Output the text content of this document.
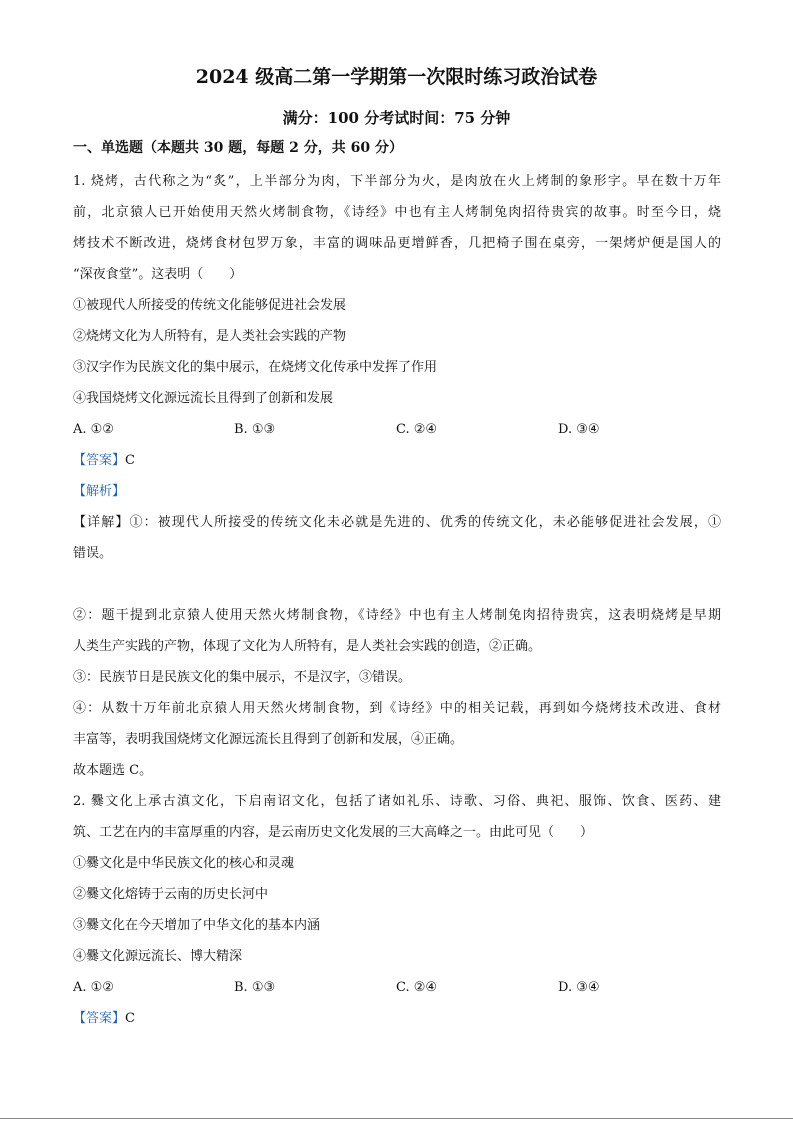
2024 级高二第一学期第一次限时练习政治试卷
满分：100 分考试时间：75 分钟
一、单选题（本题共 30 题，每题 2 分，共 60 分）
1. 烧烤，古代称之为“炙”，上半部分为肉，下半部分为火，是肉放在火上烤制的象形字。早在数十万年
前，北京猿人已开始使用天然火烤制食物，《诗经》中也有主人烤制兔肉招待贵宾的故事。时至今日，烧
烤技术不断改进，烧烤食材包罗万象，丰富的调味品更增鲜香，几把椅子围在桌旁，一架烤炉便是国人的
“深夜食堂”。这表明（　　）
①被现代人所接受的传统文化能够促进社会发展
②烧烤文化为人所特有，是人类社会实践的产物
③汉字作为民族文化的集中展示，在烧烤文化传承中发挥了作用
④我国烧烤文化源远流长且得到了创新和发展
A. ①②	B. ①③	C. ②④	D. ③④
【答案】C
【解析】
【详解】①：被现代人所接受的传统文化未必就是先进的、优秀的传统文化，未必能够促进社会发展，①
错误。
②：题干提到北京猿人使用天然火烤制食物，《诗经》中也有主人烤制兔肉招待贵宾，这表明烧烤是早期
人类生产实践的产物，体现了文化为人所特有，是人类社会实践的创造，②正确。
③：民族节日是民族文化的集中展示，不是汉字，③错误。
④：从数十万年前北京猿人用天然火烤制食物，到《诗经》中的相关记载，再到如今烧烤技术改进、食材
丰富等，表明我国烧烤文化源远流长且得到了创新和发展，④正确。
故本题选 C。
2. 爨文化上承古滇文化，下启南诏文化，包括了诸如礼乐、诗歌、习俗、典祀、服饰、饮食、医药、建
筑、工艺在内的丰富厚重的内容，是云南历史文化发展的三大高峰之一。由此可见（　　）
①爨文化是中华民族文化的核心和灵魂
②爨文化熔铸于云南的历史长河中
③爨文化在今天增加了中华文化的基本内涵
④爨文化源远流长、博大精深
A. ①②	B. ①③	C. ②④	D. ③④
【答案】C
